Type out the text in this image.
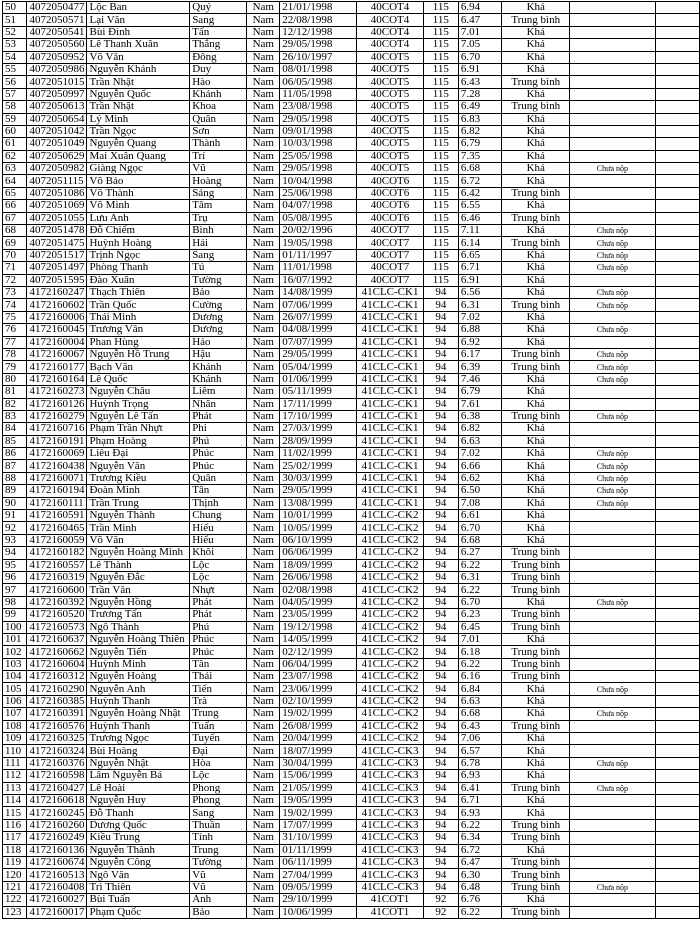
50	4072050477	Lộc Ban	Quý	Nam	21/01/1998	40COT4	115	6.94	Khá		
51	4072050571	Lại Văn	Sang	Nam	22/08/1998	40COT4	115	6.47	Trung bình		
52	4072050541	Bùi Đình	Tấn	Nam	12/12/1998	40COT4	115	7.01	Khá		
53	4072050560	Lê Thanh Xuân	Thắng	Nam	29/05/1998	40COT4	115	7.05	Khá		
54	4072050952	Võ Văn	Đông	Nam	26/10/1997	40COT5	115	6.70	Khá		
55	4072050986	Nguyễn Khánh	Duy	Nam	08/01/1998	40COT5	115	6.91	Khá		
56	4072051015	Trần Nhật	Hào	Nam	06/05/1998	40COT5	115	6.43	Trung bình		
57	4072050997	Nguyễn Quốc	Khánh	Nam	11/05/1998	40COT5	115	7.28	Khá		
58	4072050613	Trần Nhật	Khoa	Nam	23/08/1998	40COT5	115	6.49	Trung bình		
59	4072050654	Lý Minh	Quân	Nam	29/05/1998	40COT5	115	6.83	Khá		
60	4072051042	Trần Ngọc	Sơn	Nam	09/01/1998	40COT5	115	6.82	Khá		
61	4072051049	Nguyễn Quang	Thành	Nam	10/03/1998	40COT5	115	6.79	Khá		
62	4072050629	Mai Xuân Quang	Trí	Nam	25/05/1998	40COT5	115	7.35	Khá		
63	4072050982	Giàng Ngọc	Vũ	Nam	29/05/1998	40COT5	115	6.68	Khá	Chưa nộp	
64	4072051115	Võ Bảo	Hoàng	Nam	10/04/1998	40COT6	115	6.72	Khá		
65	4072051086	Võ Thành	Sáng	Nam	25/06/1998	40COT6	115	6.42	Trung bình		
66	4072051069	Võ Minh	Tâm	Nam	04/07/1998	40COT6	115	6.55	Khá		
67	4072051055	Lưu Anh	Trụ	Nam	05/08/1995	40COT6	115	6.46	Trung bình		
68	4072051478	Đỗ Chiếm	Bình	Nam	20/02/1996	40COT7	115	7.11	Khá	Chưa nộp	
69	4072051475	Huỳnh Hoàng	Hải	Nam	19/05/1998	40COT7	115	6.14	Trung bình	Chưa nộp	
70	4072051517	Trịnh Ngọc	Sang	Nam	01/11/1997	40COT7	115	6.65	Khá	Chưa nộp	
71	4072051497	Phòng Thanh	Tú	Nam	11/01/1998	40COT7	115	6.71	Khá	Chưa nộp	
72	4072051595	Đào Xuân	Tường	Nam	16/07/1992	40COT7	115	6.91	Khá		
73	4172160247	Thạch Thiên	Bảo	Nam	14/08/1999	41CLC-CK1	94	6.56	Khá	Chưa nộp	
74	4172160602	Trần Quốc	Cường	Nam	07/06/1999	41CLC-CK1	94	6.31	Trung bình	Chưa nộp	
75	4172160006	Thái Minh	Dương	Nam	26/07/1999	41CLC-CK1	94	7.02	Khá		
76	4172160045	Trương Văn	Dương	Nam	04/08/1999	41CLC-CK1	94	6.88	Khá	Chưa nộp	
77	4172160004	Phan Hùng	Hảo	Nam	07/07/1999	41CLC-CK1	94	6.92	Khá		
78	4172160067	Nguyễn Hồ Trung	Hậu	Nam	29/05/1999	41CLC-CK1	94	6.17	Trung bình	Chưa nộp	
79	4172160177	Bạch Văn	Khánh	Nam	05/04/1999	41CLC-CK1	94	6.39	Trung bình	Chưa nộp	
80	4172160164	Lê Quốc	Khánh	Nam	01/06/1999	41CLC-CK1	94	7.46	Khá	Chưa nộp	
81	4172160273	Nguyễn Châu	Liêm	Nam	05/11/1999	41CLC-CK1	94	6.79	Khá		
82	4172160126	Huỳnh Trọng	Nhân	Nam	17/11/1999	41CLC-CK1	94	7.61	Khá		
83	4172160279	Nguyễn Lê Tấn	Phát	Nam	17/10/1999	41CLC-CK1	94	6.38	Trung bình	Chưa nộp	
84	4172160716	Phạm Trần Nhựt	Phi	Nam	27/03/1999	41CLC-CK1	94	6.82	Khá		
85	4172160191	Phạm Hoàng	Phú	Nam	28/09/1999	41CLC-CK1	94	6.63	Khá		
86	4172160069	Liêu Đại	Phúc	Nam	11/02/1999	41CLC-CK1	94	7.02	Khá	Chưa nộp	
87	4172160438	Nguyễn Văn	Phúc	Nam	25/02/1999	41CLC-CK1	94	6.66	Khá	Chưa nộp	
88	4172160071	Trương Kiều	Quân	Nam	30/03/1999	41CLC-CK1	94	6.62	Khá	Chưa nộp	
89	4172160194	Đoàn Minh	Tân	Nam	29/05/1999	41CLC-CK1	94	6.50	Khá	Chưa nộp	
90	4172160111	Trần Trung	Thịnh	Nam	13/08/1999	41CLC-CK1	94	7.08	Khá	Chưa nộp	
91	4172160591	Nguyễn Thành	Chung	Nam	10/01/1999	41CLC-CK2	94	6.61	Khá		
92	4172160465	Trần Minh	Hiếu	Nam	10/05/1999	41CLC-CK2	94	6.70	Khá		
93	4172160059	Võ Văn	Hiếu	Nam	06/10/1999	41CLC-CK2	94	6.68	Khá		
94	4172160182	Nguyễn Hoàng Minh	Khôi	Nam	06/06/1999	41CLC-CK2	94	6.27	Trung bình		
95	4172160557	Lê Thành	Lộc	Nam	18/09/1999	41CLC-CK2	94	6.22	Trung bình		
96	4172160319	Nguyễn Đắc	Lộc	Nam	26/06/1998	41CLC-CK2	94	6.31	Trung bình		
97	4172160600	Trần Văn	Nhựt	Nam	02/08/1998	41CLC-CK2	94	6.22	Trung bình		
98	4172160392	Nguyễn Hồng	Phát	Nam	04/05/1999	41CLC-CK2	94	6.70	Khá	Chưa nộp	
99	4172160520	Trương Tấn	Phát	Nam	23/05/1999	41CLC-CK2	94	6.23	Trung bình		
100	4172160573	Ngô Thành	Phú	Nam	19/12/1998	41CLC-CK2	94	6.45	Trung bình		
101	4172160637	Nguyễn Hoàng Thiên	Phúc	Nam	14/05/1999	41CLC-CK2	94	7.01	Khá		
102	4172160662	Nguyễn Tiến	Phúc	Nam	02/12/1999	41CLC-CK2	94	6.18	Trung bình		
103	4172160604	Huỳnh Minh	Tân	Nam	06/04/1999	41CLC-CK2	94	6.22	Trung bình		
104	4172160312	Nguyễn Hoàng	Thái	Nam	23/07/1998	41CLC-CK2	94	6.16	Trung bình		
105	4172160290	Nguyễn Anh	Tiến	Nam	23/06/1999	41CLC-CK2	94	6.84	Khá	Chưa nộp	
106	4172160385	Huỳnh Thanh	Trà	Nam	02/10/1999	41CLC-CK2	94	6.63	Khá		
107	4172160391	Nguyễn Hoàng Nhật	Trung	Nam	19/02/1999	41CLC-CK2	94	6.68	Khá	Chưa nộp	
108	4172160576	Huỳnh Thanh	Tuấn	Nam	26/08/1999	41CLC-CK2	94	6.43	Trung bình		
109	4172160325	Trương Ngọc	Tuyến	Nam	20/04/1999	41CLC-CK2	94	7.06	Khá		
110	4172160324	Bùi Hoàng	Đại	Nam	18/07/1999	41CLC-CK3	94	6.57	Khá		
111	4172160376	Nguyễn Nhật	Hòa	Nam	30/04/1999	41CLC-CK3	94	6.78	Khá	Chưa nộp	
112	4172160598	Lâm Nguyễn Bá	Lộc	Nam	15/06/1999	41CLC-CK3	94	6.93	Khá		
113	4172160427	Lê Hoài	Phong	Nam	21/05/1999	41CLC-CK3	94	6.41	Trung bình	Chưa nộp	
114	4172160618	Nguyễn Huy	Phong	Nam	19/05/1999	41CLC-CK3	94	6.71	Khá		
115	4172160245	Đỗ Thanh	Sang	Nam	19/02/1999	41CLC-CK3	94	6.93	Khá		
116	4172160260	Dương Quốc	Thuần	Nam	17/07/1999	41CLC-CK3	94	6.22	Trung bình		
117	4172160249	Kiều Trung	Tính	Nam	31/10/1999	41CLC-CK3	94	6.34	Trung bình		
118	4172160136	Nguyễn Thành	Trung	Nam	01/11/1999	41CLC-CK3	94	6.72	Khá		
119	4172160674	Nguyễn Công	Tường	Nam	06/11/1999	41CLC-CK3	94	6.47	Trung bình		
120	4172160513	Ngô Văn	Vũ	Nam	27/04/1999	41CLC-CK3	94	6.30	Trung bình		
121	4172160408	Trì Thiên	Vũ	Nam	09/05/1999	41CLC-CK3	94	6.48	Trung bình	Chưa nộp	
122	4172160027	Bùi Tuấn	Anh	Nam	29/10/1999	41COT1	92	6.76	Khá		
123	4172160017	Phạm Quốc	Bảo	Nam	10/06/1999	41COT1	92	6.22	Trung bình		
